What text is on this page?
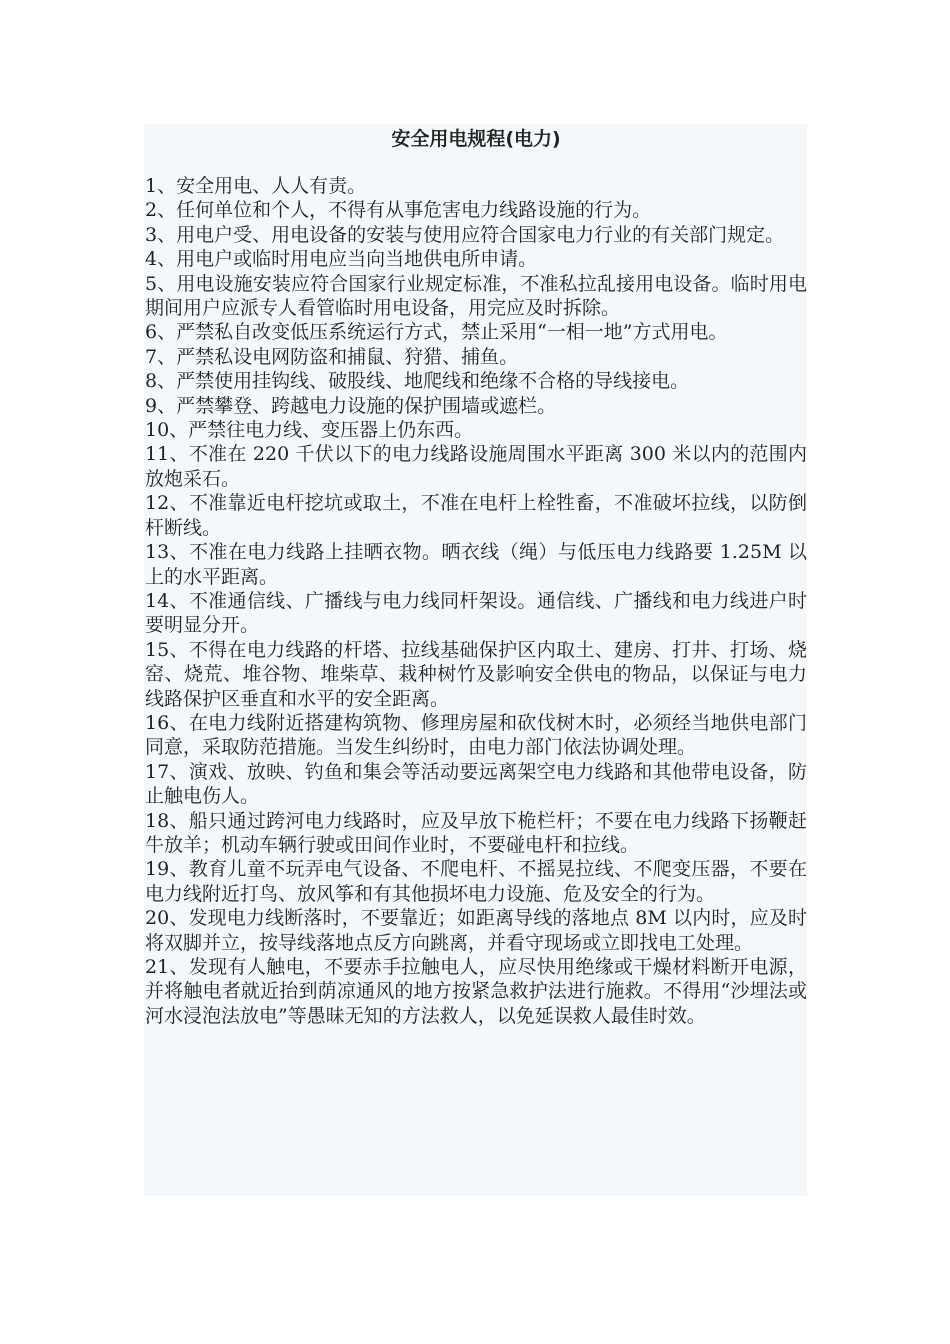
安全用电规程(电力)
1、安全用电、人人有责。
2、任何单位和个人，不得有从事危害电力线路设施的行为。
3、用电户受、用电设备的安装与使用应符合国家电力行业的有关部门规定。
4、用电户或临时用电应当向当地供电所申请。
5、用电设施安装应符合国家行业规定标准，不准私拉乱接用电设备。临时用电期间用户应派专人看管临时用电设备，用完应及时拆除。
6、严禁私自改变低压系统运行方式，禁止采用“一相一地”方式用电。
7、严禁私设电网防盗和捕鼠、狩猎、捕鱼。
8、严禁使用挂钩线、破股线、地爬线和绝缘不合格的导线接电。
9、严禁攀登、跨越电力设施的保护围墙或遮栏。
10、严禁往电力线、变压器上仍东西。
11、不准在 220 千伏以下的电力线路设施周围水平距离 300 米以内的范围内放炮采石。
12、不准靠近电杆挖坑或取土，不准在电杆上栓牲畜，不准破坏拉线，以防倒杆断线。
13、不准在电力线路上挂晒衣物。晒衣线（绳）与低压电力线路要 1.25M 以上的水平距离。
14、不准通信线、广播线与电力线同杆架设。通信线、广播线和电力线进户时要明显分开。
15、不得在电力线路的杆塔、拉线基础保护区内取土、建房、打井、打场、烧窑、烧荒、堆谷物、堆柴草、栽种树竹及影响安全供电的物品，以保证与电力线路保护区垂直和水平的安全距离。
16、在电力线附近搭建构筑物、修理房屋和砍伐树木时，必须经当地供电部门同意，采取防范措施。当发生纠纷时，由电力部门依法协调处理。
17、演戏、放映、钓鱼和集会等活动要远离架空电力线路和其他带电设备，防止触电伤人。
18、船只通过跨河电力线路时，应及早放下桅栏杆；不要在电力线路下扬鞭赶牛放羊；机动车辆行驶或田间作业时，不要碰电杆和拉线。
19、教育儿童不玩弄电气设备、不爬电杆、不摇晃拉线、不爬变压器，不要在电力线附近打鸟、放风筝和有其他损坏电力设施、危及安全的行为。
20、发现电力线断落时，不要靠近；如距离导线的落地点 8M 以内时，应及时将双脚并立，按导线落地点反方向跳离，并看守现场或立即找电工处理。
21、发现有人触电，不要赤手拉触电人，应尽快用绝缘或干燥材料断开电源，并将触电者就近抬到荫凉通风的地方按紧急救护法进行施救。不得用“沙埋法或河水浸泡法放电”等愚昧无知的方法救人，以免延误救人最佳时效。
